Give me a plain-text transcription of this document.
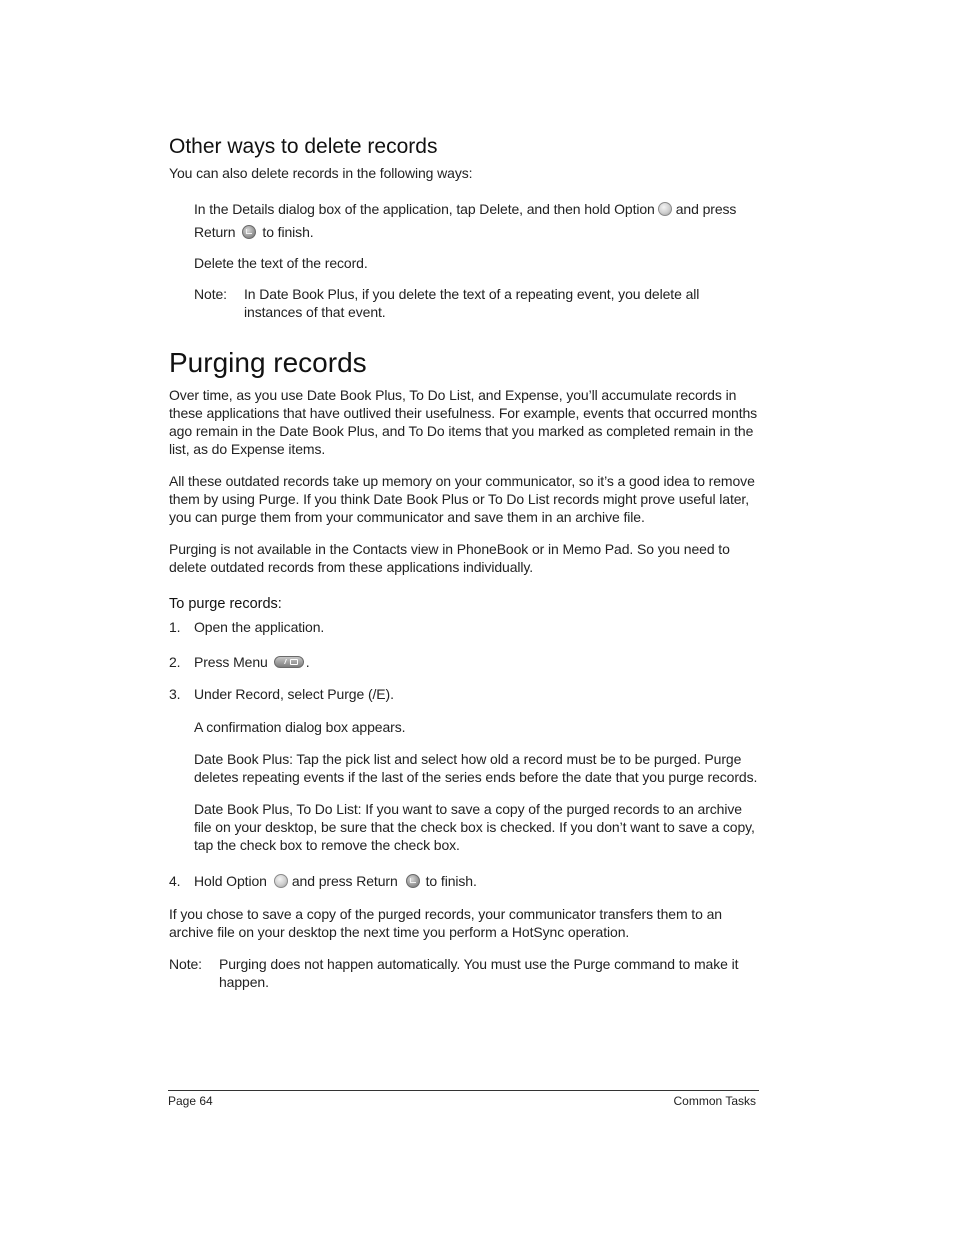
Other ways to delete records
You can also delete records in the following ways:
In the Details dialog box of the application, tap Delete, and then hold Option and press
Return to finish.
Delete the text of the record.
Note: In Date Book Plus, if you delete the text of a repeating event, you delete all instances of that event.
Purging records
Over time, as you use Date Book Plus, To Do List, and Expense, you’ll accumulate records in these applications that have outlived their usefulness. For example, events that occurred months ago remain in the Date Book Plus, and To Do items that you marked as completed remain in the list, as do Expense items.
All these outdated records take up memory on your communicator, so it’s a good idea to remove them by using Purge. If you think Date Book Plus or To Do List records might prove useful later, you can purge them from your communicator and save them in an archive file.
Purging is not available in the Contacts view in PhoneBook or in Memo Pad. So you need to delete outdated records from these applications individually.
To purge records:
1. Open the application.
2. Press Menu	.
3. Under Record, select Purge (/E).
A confirmation dialog box appears.
Date Book Plus: Tap the pick list and select how old a record must be to be purged. Purge deletes repeating events if the last of the series ends before the date that you purge records.
Date Book Plus, To Do List: If you want to save a copy of the purged records to an archive file on your desktop, be sure that the check box is checked. If you don’t want to save a copy, tap the check box to remove the check box.
4. Hold Option and press Return to finish.
If you chose to save a copy of the purged records, your communicator transfers them to an archive file on your desktop the next time you perform a HotSync operation.
Note: Purging does not happen automatically. You must use the Purge command to make it happen.
Page 64	Common Tasks
